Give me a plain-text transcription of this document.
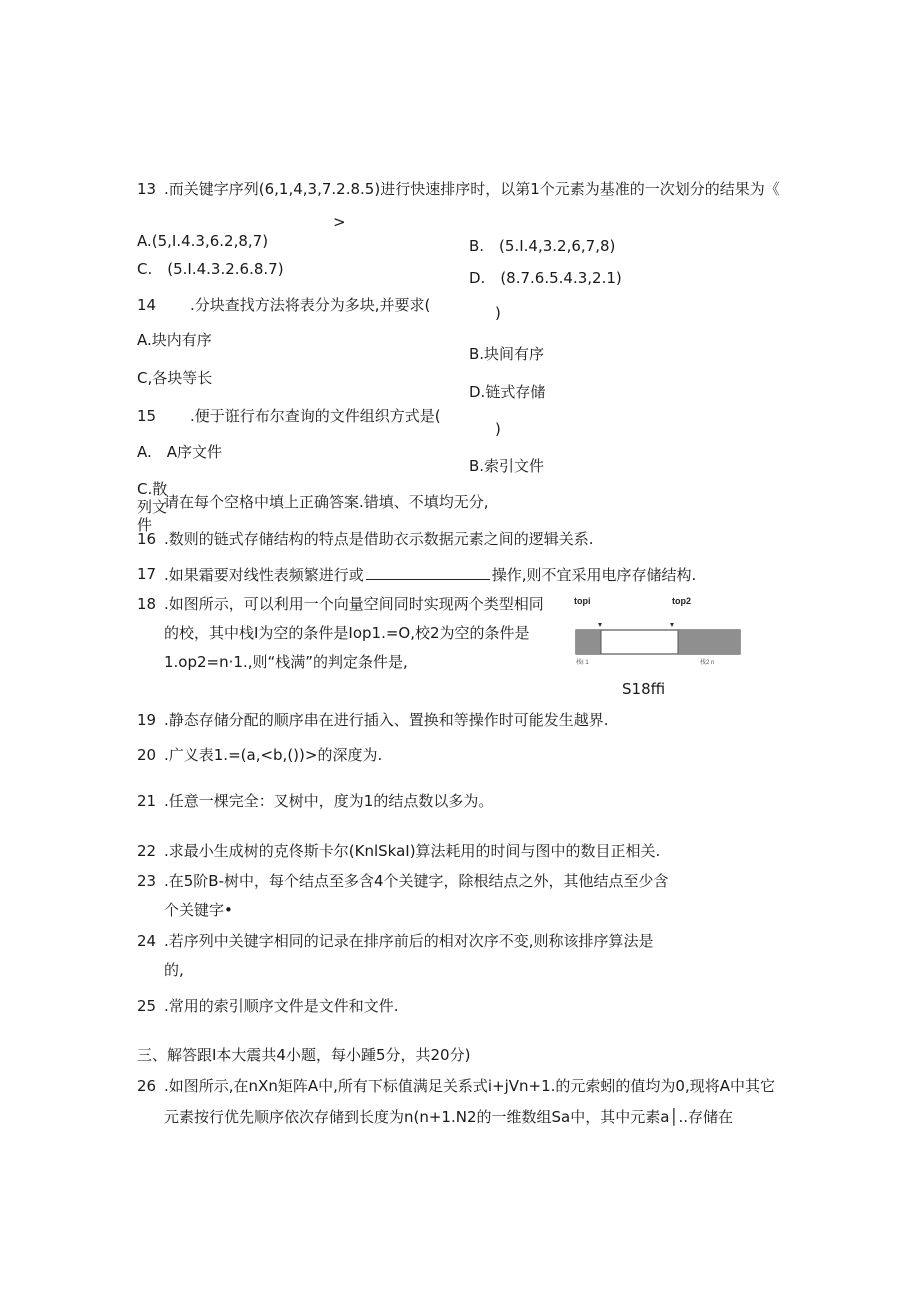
13 .而关键字序列(6,1,4,3,7.2.8.5)进行快速排序时，以第1个元素为基准的一次划分的结果为《
>
A.(5,I.4.3,6.2,8,7)	B.　(5.I.4,3.2,6,7,8)
C.　(5.I.4.3.2.6.8.7)	D.　(8.7.6.5.4.3,2.1)
14 .分块查找方法将表分为多块,并要求(	)
A.块内有序
B.块间有序
C,各块等长
D.链式存储
15 .便于诳行布尔查询的文件组织方式是(
)
A.　A序文件
B.索引文件
C.散列文件
请在每个空格中填上正确答案.错填、不填均无分,
16 .数则的链式存储结构的特点是借助衣示数据元素之间的逻辑关系.
17 .如果霜要对线性表频繁进行或	操作,则不宜采用电序存储结构.
18 .如图所示，可以利用一个向量空间同时实现两个类型相同
的校，其中栈I为空的条件是Iop1.=O,校2为空的条件是
1.op2=n·1.,则“栈满”的判定条件是,
topi	top2
栈I 1	栈2 n
S18ffi
19 .静态存储分配的顺序串在进行插入、置换和等操作时可能发生越界.
20 .广义表1.=(a,<b,())>的深度为.
21 .任意一棵完全：叉树中，度为1的结点数以多为。
22 .求最小生成树的克佟斯卡尔(KnlSkaI)算法耗用的时间与图中的数目正相关.
23 .在5阶B-树中，每个结点至多含4个关键字，除根结点之外，其他结点至少含
个关键字•
24 .若序列中关键字相同的记录在排序前后的相对次序不变,则称该排序算法是
的,
25 .常用的索引顺序文件是文件和文件.
三、解答跟I本大震共4小题，每小踵5分，共20分)
26 .如图所示,在nXn矩阵A中,所有下标值满足关系式i+jVn+1.的元索蚓的值均为0,现将A中其它
元素按行优先顺序依次存储到长度为n(n+1.N2的一维数组Sa中，其中元素a│..存储在
